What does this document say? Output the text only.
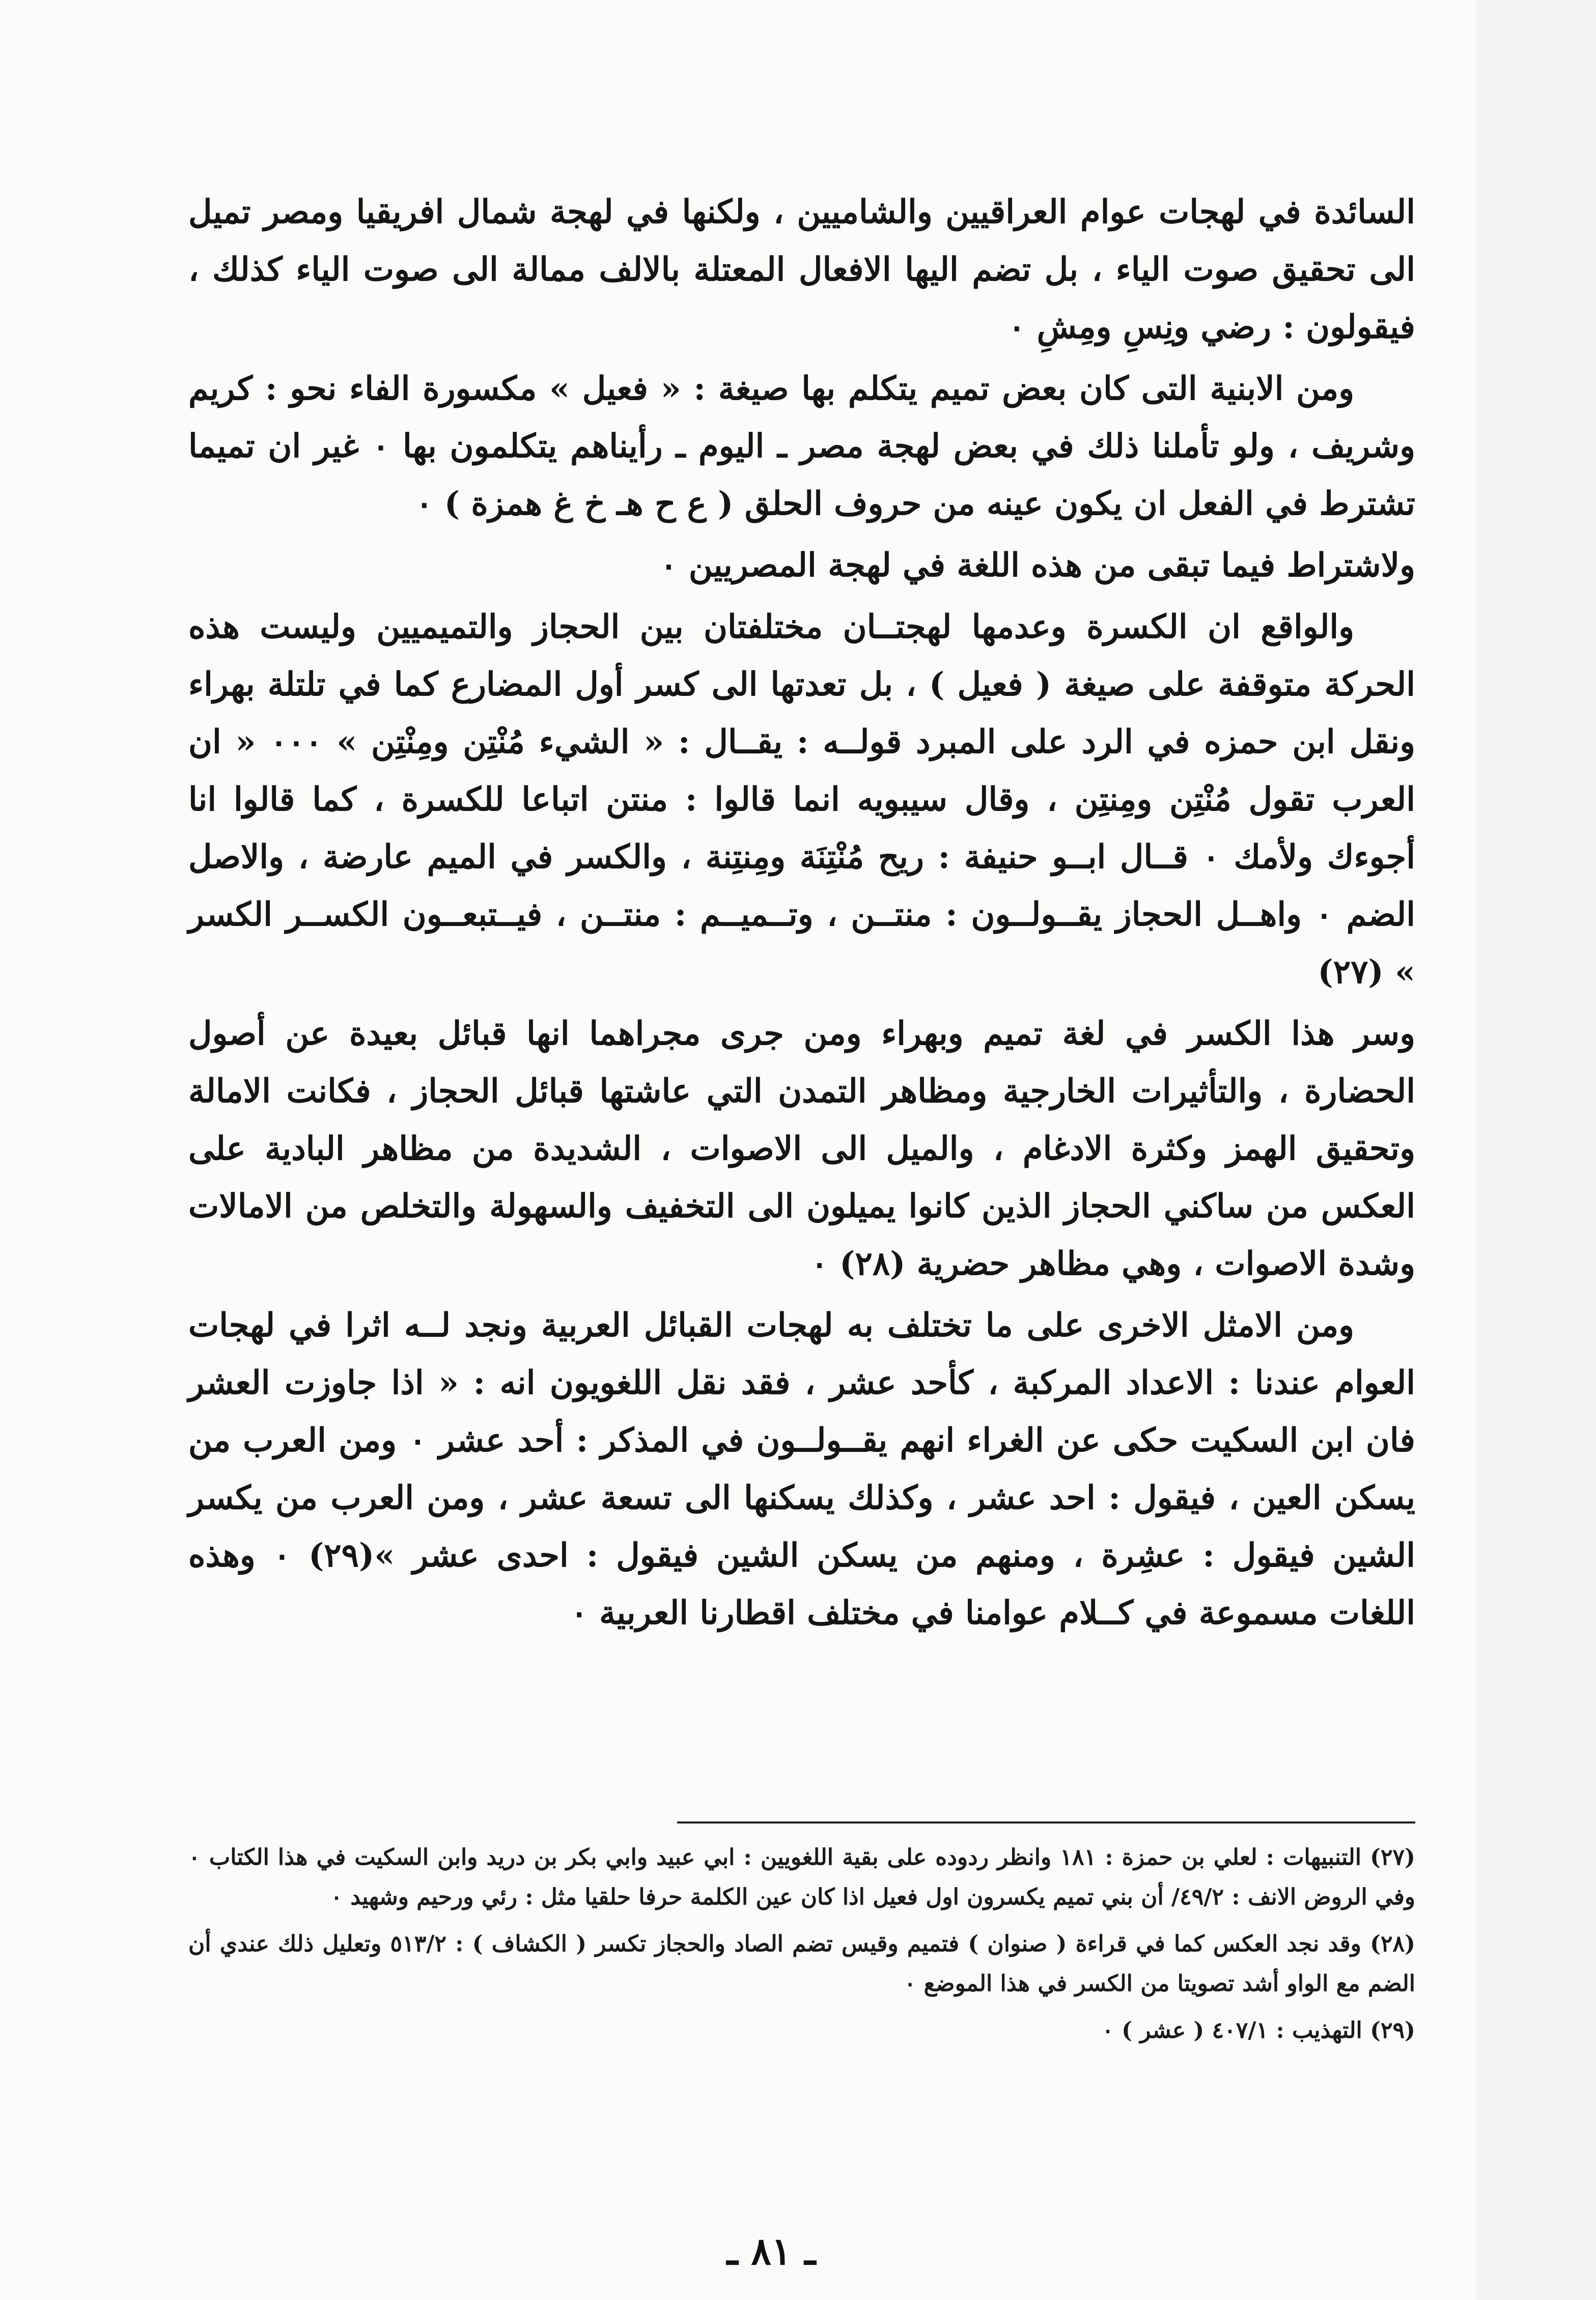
السائدة في لهجات عوام العراقيين والشاميين ، ولكنها في لهجة شمال افريقيا ومصر تميل الى تحقيق صوت الياء ، بل تضم اليها الافعال المعتلة بالالف ممالة الى صوت الياء كذلك ، فيقولون : رضي ونِسِ ومِشِ ٠

ومن الابنية التى كان بعض تميم يتكلم بها صيغة : « فعيل » مكسورة الفاء نحو : كريم وشريف ، ولو تأملنا ذلك في بعض لهجة مصر ـ اليوم ـ رأيناهم يتكلمون بها ٠ غير ان تميما تشترط في الفعل ان يكون عينه من حروف الحلق ( ع ح هـ خ غ همزة ) ٠

ولاشتراط فيما تبقى من هذه اللغة في لهجة المصريين ٠

والواقع ان الكسرة وعدمها لهجتــان مختلفتان بين الحجاز والتميميين وليست هذه الحركة متوقفة على صيغة ( فعيل ) ، بل تعدتها الى كسر أول المضارع كما في تلتلة بهراء ونقل ابن حمزه في الرد على المبرد قولــه : يقــال : « الشيء مُنْتِن ومِنْتِن » ٠٠٠ « ان العرب تقول مُنْتِن ومِنتِن ، وقال سيبويه انما قالوا : منتن اتباعا للكسرة ، كما قالوا انا أجوءك ولأمك ٠ قــال ابــو حنيفة : ريح مُنْتِنَة ومِنتِنة ، والكسر في الميم عارضة ، والاصل الضم ٠ واهــل الحجاز يقــولــون : منتــن ، وتــميــم : منتــن ، فيــتبعــون الكســر الكسر » (٢٧)

وسر هذا الكسر في لغة تميم وبهراء ومن جرى مجراهما انها قبائل بعيدة عن أصول الحضارة ، والتأثيرات الخارجية ومظاهر التمدن التي عاشتها قبائل الحجاز ، فكانت الامالة وتحقيق الهمز وكثرة الادغام ، والميل الى الاصوات ، الشديدة من مظاهر البادية على العكس من ساكني الحجاز الذين كانوا يميلون الى التخفيف والسهولة والتخلص من الامالات وشدة الاصوات ، وهي مظاهر حضرية (٢٨) ٠

ومن الامثل الاخرى على ما تختلف به لهجات القبائل العربية ونجد لــه اثرا في لهجات العوام عندنا : الاعداد المركبة ، كأحد عشر ، فقد نقل اللغويون انه : « اذا جاوزت العشر فان ابن السكيت حكى عن الغراء انهم يقــولــون في المذكر : أحد عشر ٠ ومن العرب من يسكن العين ، فيقول : احد عشر ، وكذلك يسكنها الى تسعة عشر ، ومن العرب من يكسر الشين فيقول : عشِرة ، ومنهم من يسكن الشين فيقول : احدى عشر »(٢٩) ٠ وهذه اللغات مسموعة في كــلام عوامنا في مختلف اقطارنا العربية ٠

(٢٧) التنبيهات : لعلي بن حمزة : ١٨١ وانظر ردوده على بقية اللغويين : ابي عبيد وابي بكر بن دريد وابن السكيت في هذا الكتاب ٠ وفي الروض الانف : ٤٩/٢/ أن بني تميم يكسرون اول فعيل اذا كان عين الكلمة حرفا حلقيا مثل : رئي ورحيم وشهيد ٠

(٢٨) وقد نجد العكس كما في قراءة ( صنوان ) فتميم وقيس تضم الصاد والحجاز تكسر ( الكشاف ) : ٥١٣/٢ وتعليل ذلك عندي أن الضم مع الواو أشد تصويتا من الكسر في هذا الموضع ٠

(٢٩) التهذيب : ٤٠٧/١ ( عشر ) ٠

ـ ٨١ ـ
